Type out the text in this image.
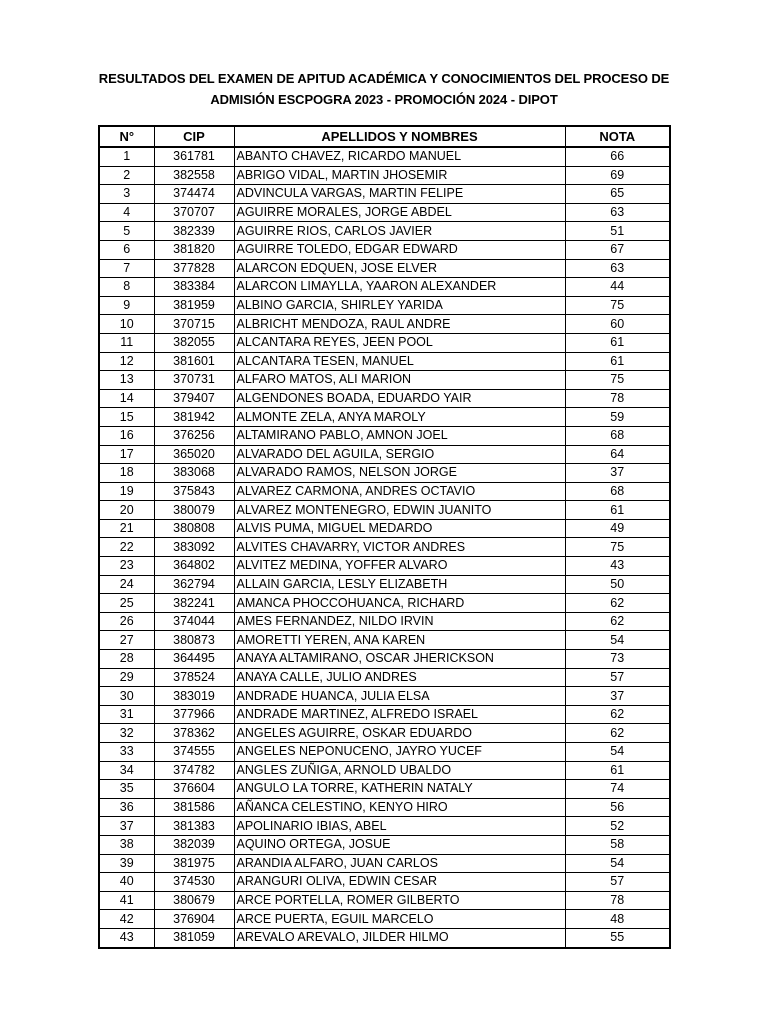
RESULTADOS DEL EXAMEN DE APITUD ACADÉMICA Y CONOCIMIENTOS DEL PROCESO DE
ADMISIÓN ESCPOGRA 2023 - PROMOCIÓN 2024 - DIPOT
N°	CIP	APELLIDOS Y NOMBRES	NOTA
1	361781	ABANTO CHAVEZ, RICARDO MANUEL	66
2	382558	ABRIGO VIDAL, MARTIN JHOSEMIR	69
3	374474	ADVINCULA VARGAS, MARTIN FELIPE	65
4	370707	AGUIRRE MORALES, JORGE ABDEL	63
5	382339	AGUIRRE RIOS, CARLOS JAVIER	51
6	381820	AGUIRRE TOLEDO, EDGAR EDWARD	67
7	377828	ALARCON EDQUEN, JOSE ELVER	63
8	383384	ALARCON LIMAYLLA, YAARON ALEXANDER	44
9	381959	ALBINO GARCIA, SHIRLEY YARIDA	75
10	370715	ALBRICHT MENDOZA, RAUL ANDRE	60
11	382055	ALCANTARA REYES, JEEN POOL	61
12	381601	ALCANTARA TESEN, MANUEL	61
13	370731	ALFARO MATOS, ALI MARION	75
14	379407	ALGENDONES BOADA, EDUARDO YAIR	78
15	381942	ALMONTE ZELA, ANYA MAROLY	59
16	376256	ALTAMIRANO PABLO, AMNON JOEL	68
17	365020	ALVARADO DEL AGUILA, SERGIO	64
18	383068	ALVARADO RAMOS, NELSON JORGE	37
19	375843	ALVAREZ CARMONA, ANDRES OCTAVIO	68
20	380079	ALVAREZ MONTENEGRO, EDWIN JUANITO	61
21	380808	ALVIS PUMA, MIGUEL MEDARDO	49
22	383092	ALVITES CHAVARRY, VICTOR ANDRES	75
23	364802	ALVITEZ MEDINA, YOFFER ALVARO	43
24	362794	ALLAIN GARCIA, LESLY ELIZABETH	50
25	382241	AMANCA PHOCCOHUANCA, RICHARD	62
26	374044	AMES FERNANDEZ, NILDO IRVIN	62
27	380873	AMORETTI YEREN, ANA KAREN	54
28	364495	ANAYA ALTAMIRANO, OSCAR JHERICKSON	73
29	378524	ANAYA CALLE, JULIO ANDRES	57
30	383019	ANDRADE HUANCA, JULIA ELSA	37
31	377966	ANDRADE MARTINEZ, ALFREDO ISRAEL	62
32	378362	ANGELES AGUIRRE, OSKAR EDUARDO	62
33	374555	ANGELES NEPONUCENO, JAYRO YUCEF	54
34	374782	ANGLES ZUÑIGA, ARNOLD UBALDO	61
35	376604	ANGULO LA TORRE, KATHERIN NATALY	74
36	381586	AÑANCA CELESTINO, KENYO HIRO	56
37	381383	APOLINARIO IBIAS, ABEL	52
38	382039	AQUINO ORTEGA, JOSUE	58
39	381975	ARANDIA ALFARO, JUAN CARLOS	54
40	374530	ARANGURI OLIVA, EDWIN CESAR	57
41	380679	ARCE PORTELLA, ROMER GILBERTO	78
42	376904	ARCE PUERTA, EGUIL MARCELO	48
43	381059	AREVALO AREVALO, JILDER HILMO	55
